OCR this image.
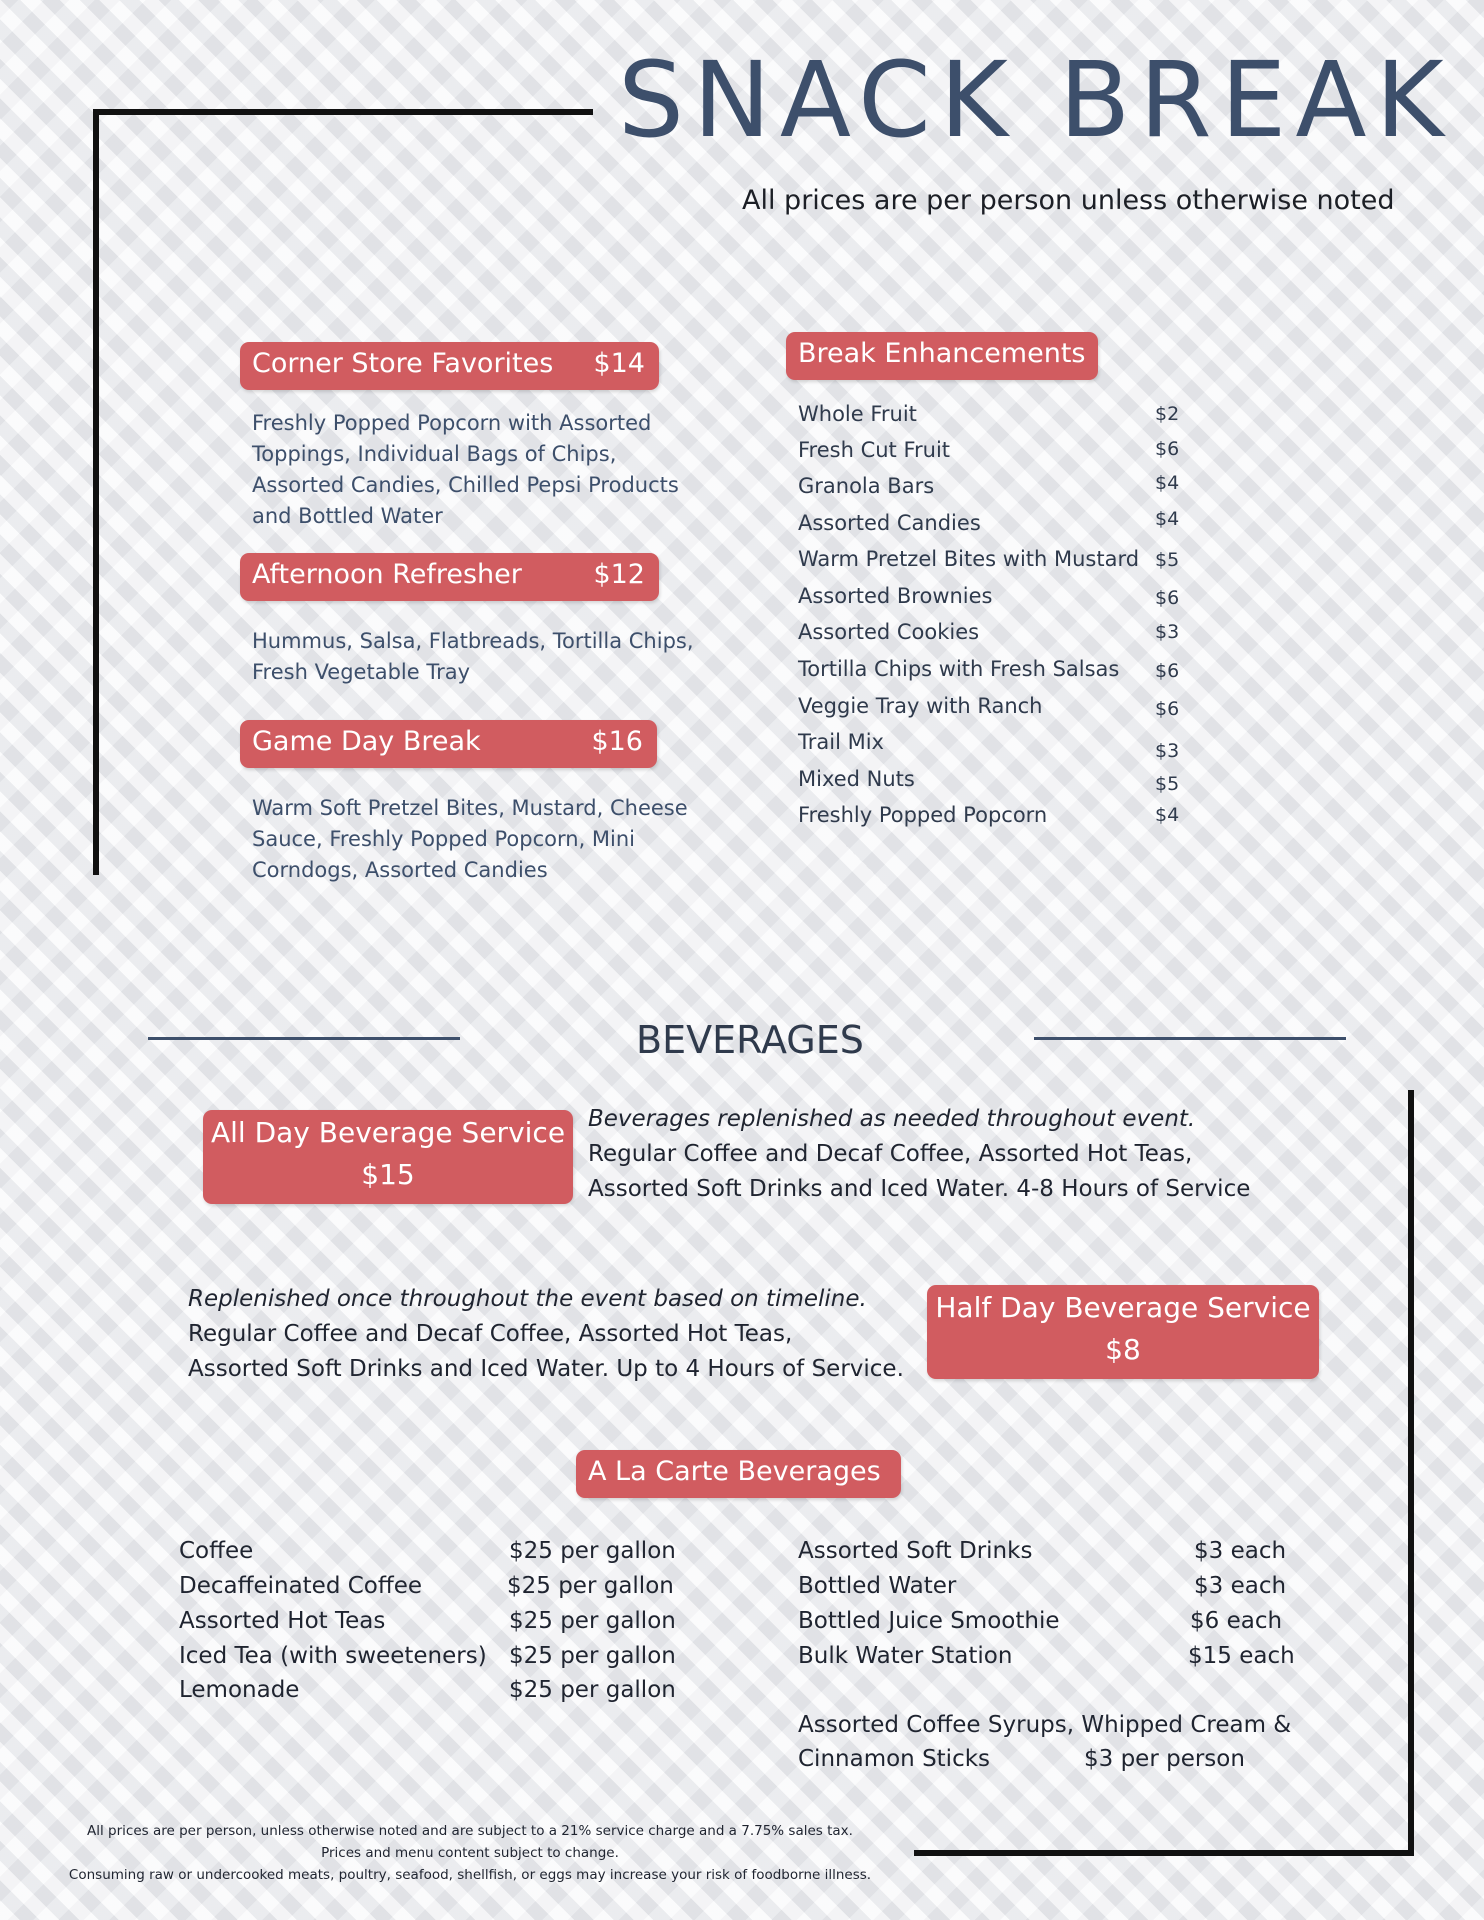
SNACK BREAK
All prices are per person unless otherwise noted
Corner Store Favorites $14
Freshly Popped Popcorn with Assorted
Toppings, Individual Bags of Chips,
Assorted Candies, Chilled Pepsi Products
and Bottled Water
Afternoon Refresher	$12
Hummus, Salsa, Flatbreads, Tortilla Chips,
Fresh Vegetable Tray
Game Day Break	$16
Warm Soft Pretzel Bites, Mustard, Cheese
Sauce, Freshly Popped Popcorn, Mini
Corndogs, Assorted Candies
Break Enhancements
Whole Fruit	$2
Fresh Cut Fruit	$6
Granola Bars	$4
Assorted Candies	$4
Warm Pretzel Bites with Mustard $5
Assorted Brownies	$6
Assorted Cookies	$3
Tortilla Chips with Fresh Salsas $6
Veggie Tray with Ranch	$6
Trail Mix	$3
Mixed Nuts	$5
Freshly Popped Popcorn	$4
BEVERAGES
All Day Beverage Service
$15
Beverages replenished as needed throughout event.
Regular Coffee and Decaf Coffee, Assorted Hot Teas,
Assorted Soft Drinks and Iced Water. 4-8 Hours of Service
Replenished once throughout the event based on timeline.
Regular Coffee and Decaf Coffee, Assorted Hot Teas,
Assorted Soft Drinks and Iced Water. Up to 4 Hours of Service.
Half Day Beverage Service
$8
A La Carte Beverages
Coffee	$25 per gallon
Decaffeinated Coffee	$25 per gallon
Assorted Hot Teas	$25 per gallon
Iced Tea (with sweeteners) $25 per gallon
Lemonade	$25 per gallon
Assorted Soft Drinks	$3 each
Bottled Water	$3 each
Bottled Juice Smoothie	$6 each
Bulk Water Station	$15 each
Assorted Coffee Syrups, Whipped Cream &
Cinnamon Sticks	$3 per person
All prices are per person, unless otherwise noted and are subject to a 21% service charge and a 7.75% sales tax.
Prices and menu content subject to change.
Consuming raw or undercooked meats, poultry, seafood, shellfish, or eggs may increase your risk of foodborne illness.
